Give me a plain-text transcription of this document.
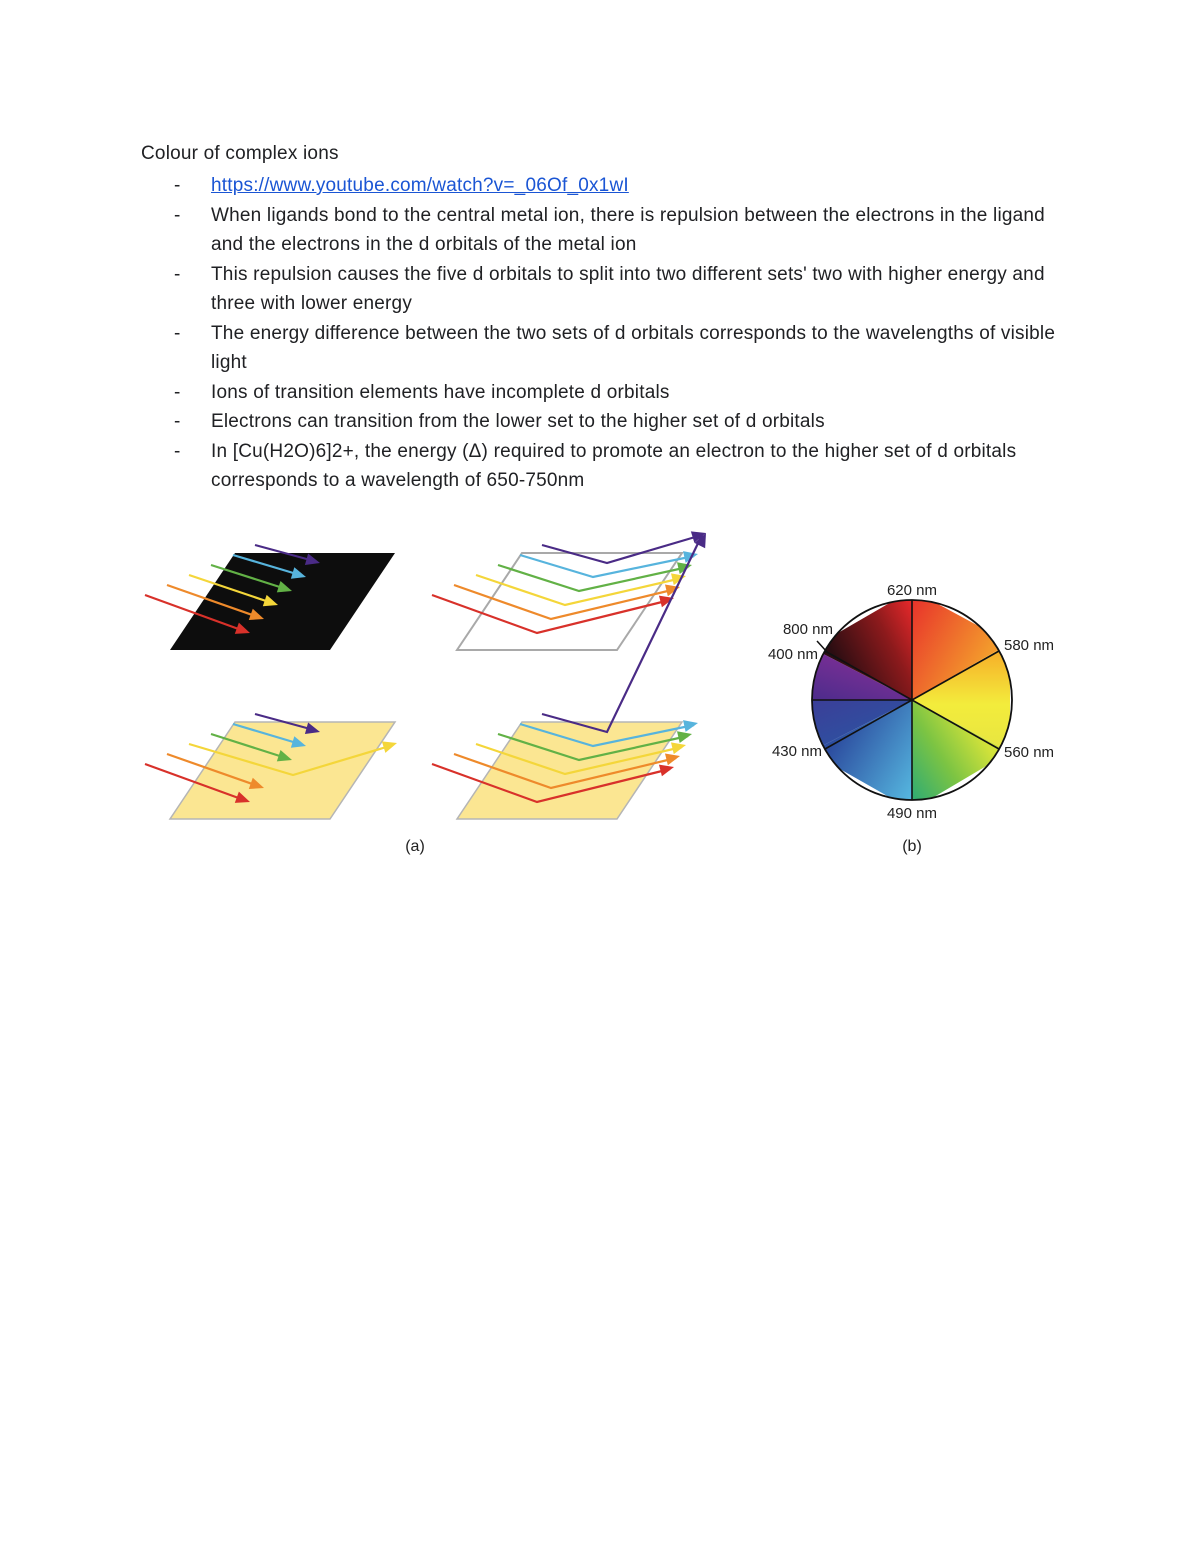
Colour of complex ions
- https://www.youtube.com/watch?v=_06Of_0x1wI
- When ligands bond to the central metal ion, there is repulsion between the electrons in the ligand and the electrons in the d orbitals of the metal ion
- This repulsion causes the five d orbitals to split into two different sets' two with higher energy and three with lower energy
- The energy difference between the two sets of d orbitals corresponds to the wavelengths of visible light
- Ions of transition elements have incomplete d orbitals
- Electrons can transition from the lower set to the higher set of d orbitals
- In [Cu(H2O)6]2+, the energy (Δ) required to promote an electron to the higher set of d orbitals corresponds to a wavelength of 650-750nm
(a)
620 nm
580 nm
560 nm
490 nm
430 nm
800 nm
400 nm
(b)
